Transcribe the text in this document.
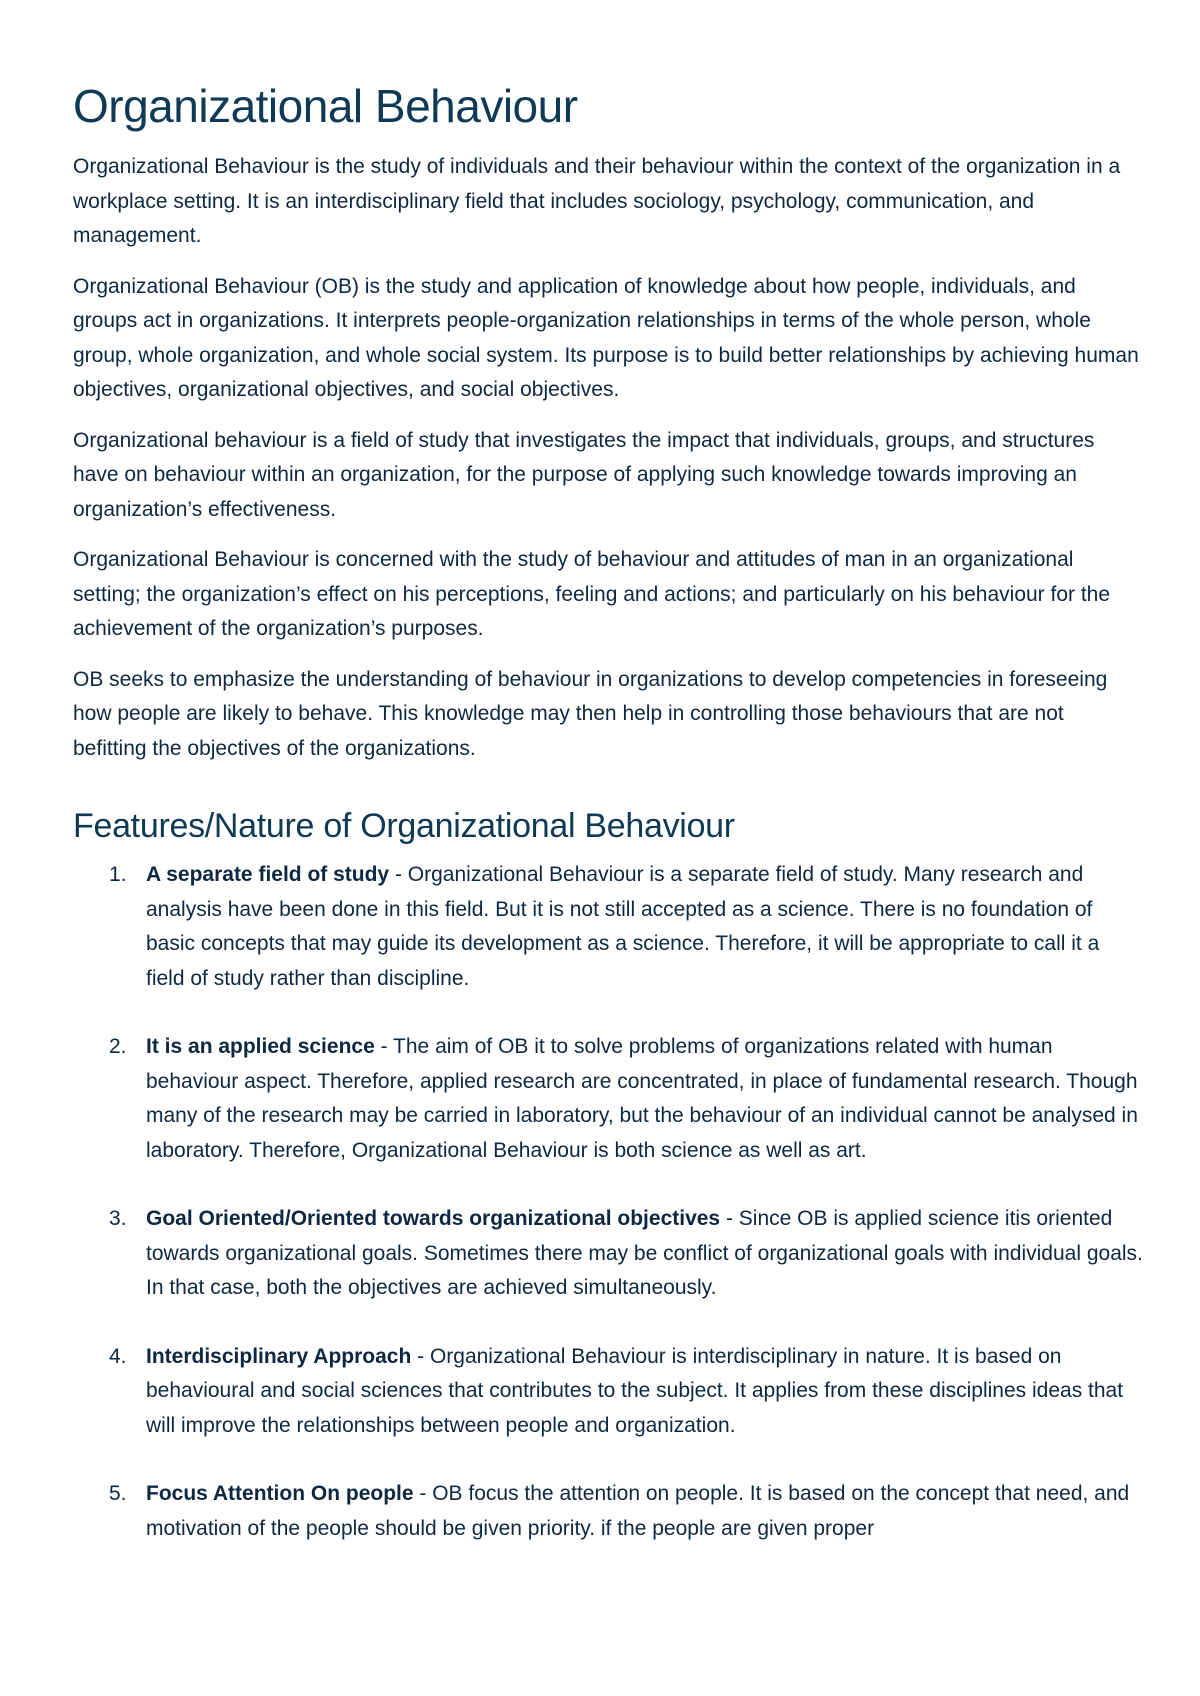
Organizational Behaviour

Organizational Behaviour is the study of individuals and their behaviour within the context of the organization in a workplace setting. It is an interdisciplinary field that includes sociology, psychology, communication, and management.

Organizational Behaviour (OB) is the study and application of knowledge about how people, individuals, and groups act in organizations. It interprets people-organization relationships in terms of the whole person, whole group, whole organization, and whole social system. Its purpose is to build better relationships by achieving human objectives, organizational objectives, and social objectives.

Organizational behaviour is a field of study that investigates the impact that individuals, groups, and structures have on behaviour within an organization, for the purpose of applying such knowledge towards improving an organization’s effectiveness.

Organizational Behaviour is concerned with the study of behaviour and attitudes of man in an organizational setting; the organization’s effect on his perceptions, feeling and actions; and particularly on his behaviour for the achievement of the organization’s purposes.

OB seeks to emphasize the understanding of behaviour in organizations to develop competencies in foreseeing how people are likely to behave. This knowledge may then help in controlling those behaviours that are not befitting the objectives of the organizations.

Features/Nature of Organizational Behaviour
1. A separate field of study - Organizational Behaviour is a separate field of study. Many research and analysis have been done in this field. But it is not still accepted as a science. There is no foundation of basic concepts that may guide its development as a science. Therefore, it will be appropriate to call it a field of study rather than discipline.
2. It is an applied science - The aim of OB it to solve problems of organizations related with human behaviour aspect. Therefore, applied research are concentrated, in place of fundamental research. Though many of the research may be carried in laboratory, but the behaviour of an individual cannot be analysed in laboratory. Therefore, Organizational Behaviour is both science as well as art.
3. Goal Oriented/Oriented towards organizational objectives - Since OB is applied science itis oriented towards organizational goals. Sometimes there may be conflict of organizational goals with individual goals. In that case, both the objectives are achieved simultaneously.
4. Interdisciplinary Approach - Organizational Behaviour is interdisciplinary in nature. It is based on behavioural and social sciences that contributes to the subject. It applies from these disciplines ideas that will improve the relationships between people and organization.
5. Focus Attention On people - OB focus the attention on people. It is based on the concept that need, and motivation of the people should be given priority. if the people are given proper
